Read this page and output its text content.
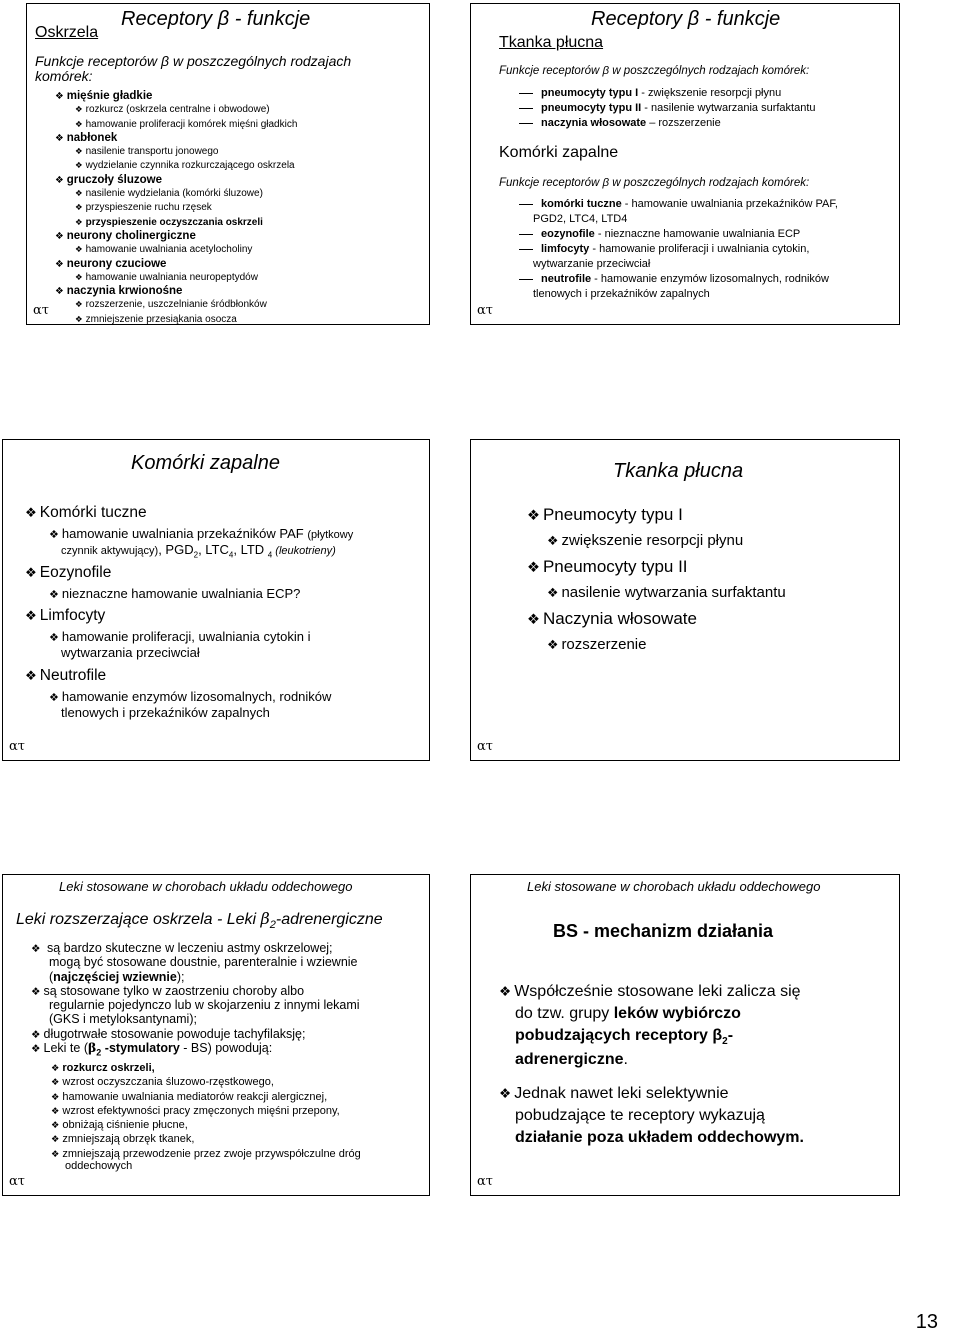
Oskrzela
Receptory β - funkcje
Funkcje receptorów β w poszczególnych rodzajach
komórek:
❖ mięśnie gładkie
❖ rozkurcz (oskrzela centralne i obwodowe)
❖ hamowanie proliferacji komórek mięśni gładkich
❖ nabłonek
❖ nasilenie transportu jonowego
❖ wydzielanie czynnika rozkurczającego oskrzela
❖ gruczoły śluzowe
❖ nasilenie wydzielania (komórki śluzowe)
❖ przyspieszenie ruchu rzęsek
❖ przyspieszenie oczyszczania oskrzeli
❖ neurony cholinergiczne
❖ hamowanie uwalniania acetylocholiny
❖ neurony czuciowe
❖ hamowanie uwalniania neuropeptydów
❖ naczynia krwionośne
❖ rozszerzenie, uszczelnianie śródbłonków
❖ zmniejszenie przesiąkania osocza
ατ
Receptory β - funkcje
Tkanka płucna
Funkcje receptorów β w poszczególnych rodzajach komórek:
pneumocyty typu I - zwiększenie resorpcji płynu
pneumocyty typu II - nasilenie wytwarzania surfaktantu
naczynia włosowate – rozszerzenie
Komórki zapalne
Funkcje receptorów β w poszczególnych rodzajach komórek:
komórki tuczne - hamowanie uwalniania przekaźników PAF,
PGD2, LTC4, LTD4
eozynofile - nieznaczne hamowanie uwalniania ECP
limfocyty - hamowanie proliferacji i uwalniania cytokin,
wytwarzanie przeciwciał
neutrofile - hamowanie enzymów lizosomalnych, rodników
tlenowych i przekaźników zapalnych
ατ
Komórki zapalne
❖ Komórki tuczne
❖ hamowanie uwalniania przekaźników PAF (płytkowy
czynnik aktywujący), $PGD_2$, $LTC_4$, LTD $_4$ (leukotrieny)
❖ Eozynofile
❖ nieznaczne hamowanie uwalniania ECP?
❖ Limfocyty
❖ hamowanie proliferacji, uwalniania cytokin i
wytwarzania przeciwciał
❖ Neutrofile
❖ hamowanie enzymów lizosomalnych, rodników
tlenowych i przekaźników zapalnych
ατ
Tkanka płucna
❖ Pneumocyty typu I
❖ zwiększenie resorpcji płynu
❖ Pneumocyty typu II
❖ nasilenie wytwarzania surfaktantu
❖ Naczynia włosowate
❖ rozszerzenie
ατ
Leki stosowane w chorobach układu oddechowego
Leki rozszerzające oskrzela - Leki $\beta_2$-adrenergiczne
❖ są bardzo skuteczne w leczeniu astmy oskrzelowej;
mogą być stosowane doustnie, parenteralnie i wziewnie
(najczęściej wziewnie);
❖ są stosowane tylko w zaostrzeniu choroby albo
regularnie pojedynczo lub w skojarzeniu z innymi lekami
(GKS i metyloksantynami);
❖ długotrwałe stosowanie powoduje tachyfilaksję;
❖ Leki te ($\beta_2$ -stymulatory - BS) powodują:
❖ rozkurcz oskrzeli,
❖ wzrost oczyszczania śluzowo-rzęstkowego,
❖ hamowanie uwalniania mediatorów reakcji alergicznej,
❖ wzrost efektywności pracy zmęczonych mięśni przepony,
❖ obniżają ciśnienie płucne,
❖ zmniejszają obrzęk tkanek,
❖ zmniejszają przewodzenie przez zwoje przywspółczulne dróg
oddechowych
ατ
Leki stosowane w chorobach układu oddechowego
BS - mechanizm działania
❖ Współcześnie stosowane leki zalicza się
do tzw. grupy leków wybiórczo
pobudzających receptory $\beta_2-$
adrenergiczne.
❖ Jednak nawet leki selektywnie
pobudzające te receptory wykazują
działanie poza układem oddechowym.
ατ
13
